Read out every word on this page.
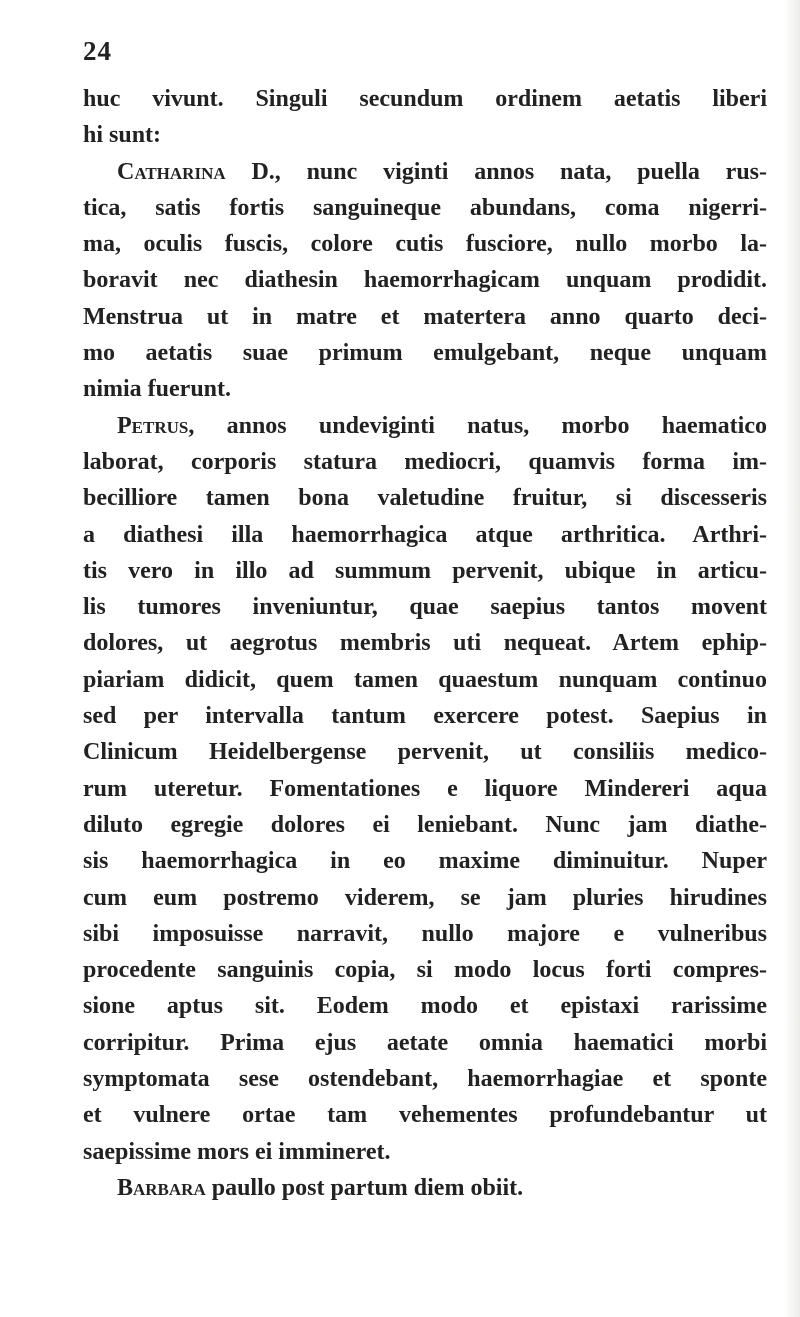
24
huc vivunt. Singuli secundum ordinem aetatis liberi
hi sunt:
Catharina D., nunc viginti annos nata, puella rus-
tica, satis fortis sanguineque abundans, coma nigerri-
ma, oculis fuscis, colore cutis fusciore, nullo morbo la-
boravit nec diathesin haemorrhagicam unquam prodidit.
Menstrua ut in matre et matertera anno quarto deci-
mo aetatis suae primum emulgebant, neque unquam
nimia fuerunt.
Petrus, annos undeviginti natus, morbo haematico
laborat, corporis statura mediocri, quamvis forma im-
becilliore tamen bona valetudine fruitur, si discesseris
a diathesi illa haemorrhagica atque arthritica. Arthri-
tis vero in illo ad summum pervenit, ubique in articu-
lis tumores inveniuntur, quae saepius tantos movent
dolores, ut aegrotus membris uti nequeat. Artem ephip-
piariam didicit, quem tamen quaestum nunquam continuo
sed per intervalla tantum exercere potest. Saepius in
Clinicum Heidelbergense pervenit, ut consiliis medico-
rum uteretur. Fomentationes e liquore Mindereri aqua
diluto egregie dolores ei leniebant. Nunc jam diathe-
sis haemorrhagica in eo maxime diminuitur. Nuper
cum eum postremo viderem, se jam pluries hirudines
sibi imposuisse narravit, nullo majore e vulneribus
procedente sanguinis copia, si modo locus forti compres-
sione aptus sit. Eodem modo et epistaxi rarissime
corripitur. Prima ejus aetate omnia haematici morbi
symptomata sese ostendebant, haemorrhagiae et sponte
et vulnere ortae tam vehementes profundebantur ut
saepissime mors ei immineret.
Barbara paullo post partum diem obiit.
